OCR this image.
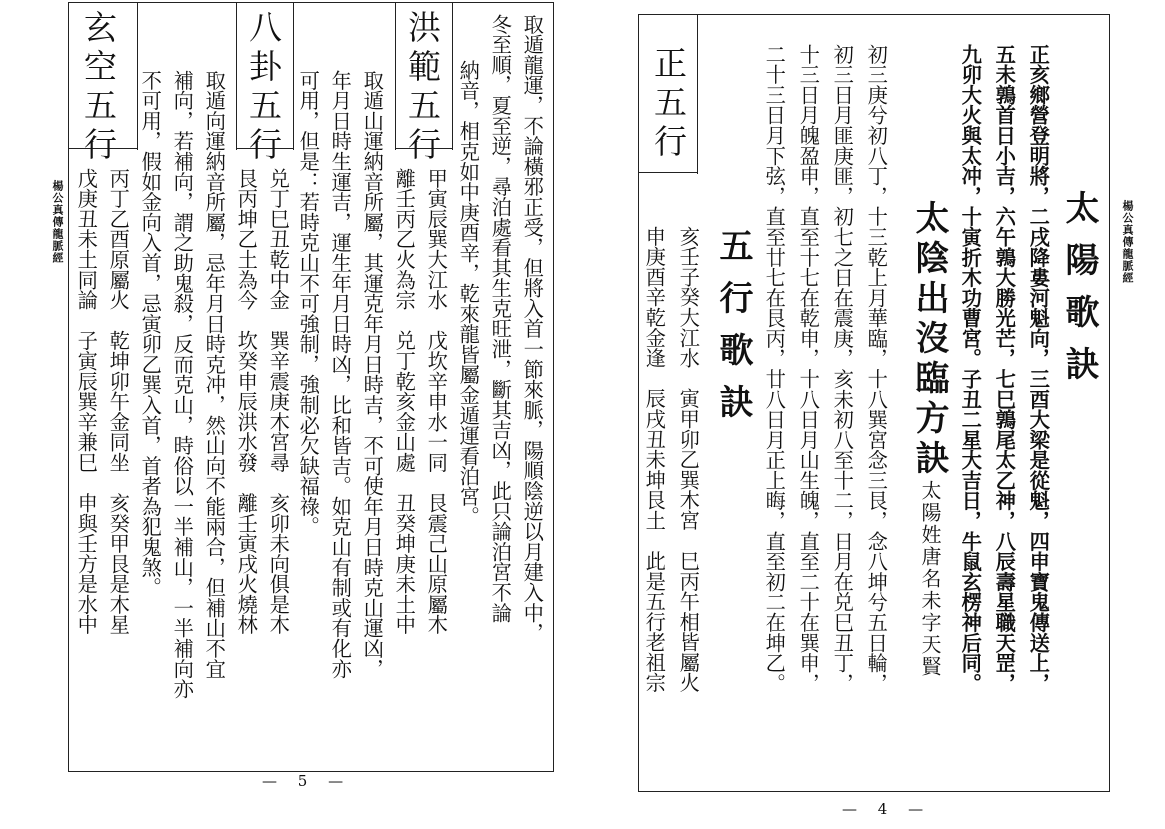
楊公真傳龍脈經
洪範五行	取遁龍運，不論橫邪正受，但將入首一節來脈，陽順陰逆以月建入中，
冬至順，夏至逆，尋泊處看其生克旺泄，斷其吉凶，此只論泊宮不論
納音，相克如中庚酉辛，乾來龍皆屬金遁運看泊宮。
甲寅辰巽大江水　戊坎辛申水一同　艮震己山原屬木
離壬丙乙火為宗　兑丁乾亥金山處　丑癸坤庚未土中
取遁山運納音所屬，其運克年月日時吉，不可使年月日時克山運凶，
年月日時生運吉，運生年月日時凶，比和皆吉。如克山有制或有化亦
可用，但是：若時克山不可強制，強制必欠缺福祿。
八卦五行
兑丁巳丑乾中金　巽辛震庚木宮尋　亥卯未向俱是木
艮丙坤乙土為今　坎癸申辰洪水發　離壬寅戌火燒林
取遁向運納音所屬，忌年月日時克冲，然山向不能兩合，但補山不宜
補向，若補向，謂之助鬼殺，反而克山，時俗以一半補山，一半補向亦
不可用，假如金向入首，忌寅卯乙巽入首，首者為犯鬼煞。
玄空五行
丙丁乙酉原屬火　乾坤卯午金同坐　亥癸甲艮是木星
戊庚丑未土同論　子寅辰巽辛兼巳　申與壬方是水中
— 5 —
楊公真傳龍脈經
太陽歌訣
正亥鄉營登明將，二戌降婁河魁向，三酉大梁是從魁，四申寶鬼傳送上，
五未鶉首日小吉，六午鶉大勝光芒，七巳鶉尾太乙神，八辰壽星職天罡，
九卯大火與太冲，十寅折木功曹宮。子丑二星大吉日，牛鼠玄楞神后同。
太陰出沒臨方訣
太陽姓唐名未字天賢
初三庚兮初八丁，十三乾上月華臨，十八巽宮念三艮，念八坤兮五日輪，
初三日月匪庚匪，初七之日在震庚，亥未初八至十二，日月在兑巳丑丁，
十三日月魄盈申，直至十七在乾申，十八日月山生魄，直至二十在巽申，
二十三日月下弦，直至廿七在艮丙，廿八日月正上晦，直至初二在坤乙。
五行歌訣
亥壬子癸大江水　寅甲卯乙巽木宮　巳丙午相皆屬火
申庚酉辛乾金逢　辰戌丑未坤艮土　此是五行老祖宗
正五行
— 4 —
